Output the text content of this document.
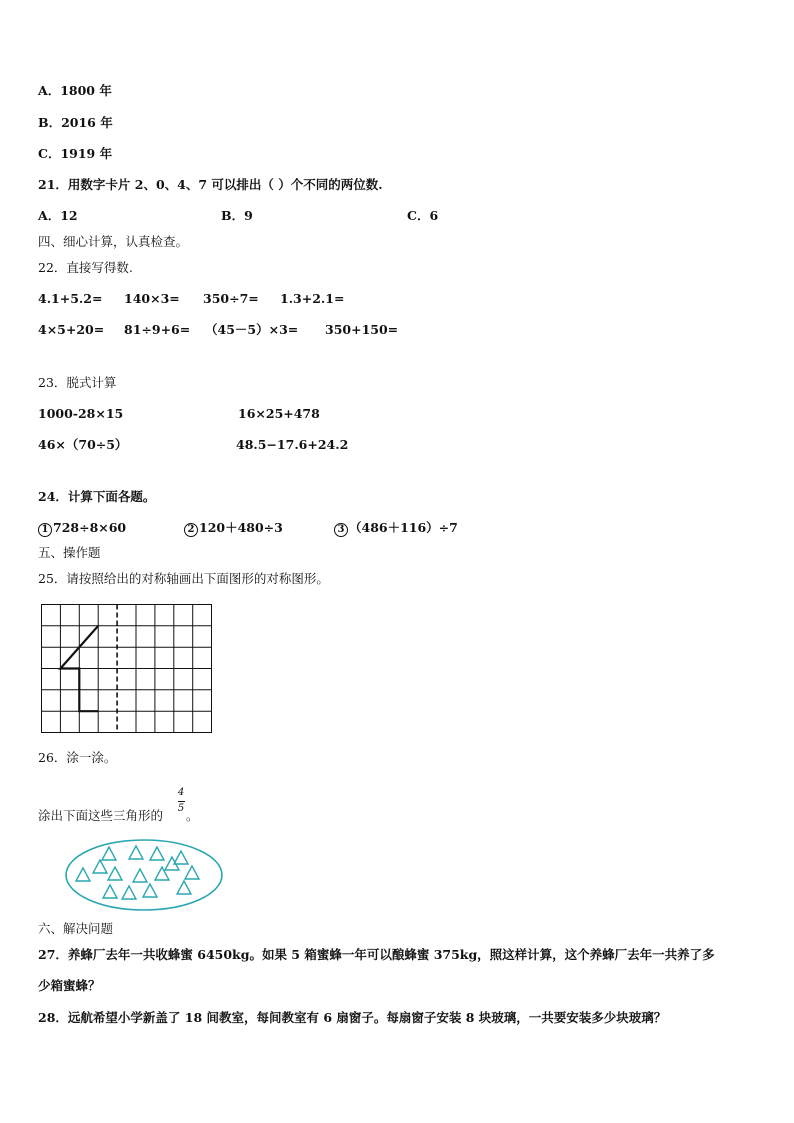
A．1800 年
B．2016 年
C．1919 年
21．用数字卡片 2、0、4、7 可以排出（ ）个不同的两位数.
A．12	B．9	C．6
四、细心计算，认真检查。
22．直接写得数.
4.1+5.2= 140×3= 350÷7= 1.3+2.1=
4×5+20= 81÷9+6= （45－5）×3= 350+150=
23．脱式计算
1000-28×15	16×25+478
46×（70÷5）	48.5−17.6+24.2
24．计算下面各题。
1 728÷8×60	2 120＋480÷3	3 （486＋116）÷7
五、操作题
25．请按照给出的对称轴画出下面图形的对称图形。
26．涂一涂。
涂出下面这些三角形的
4
5 。
六、解决问题
27．养蜂厂去年一共收蜂蜜 6450kg。如果 5 箱蜜蜂一年可以酿蜂蜜 375kg，照这样计算，这个养蜂厂去年一共养了多
少箱蜜蜂？
28．远航希望小学新盖了 18 间教室，每间教室有 6 扇窗子。每扇窗子安装 8 块玻璃，一共要安装多少块玻璃？
